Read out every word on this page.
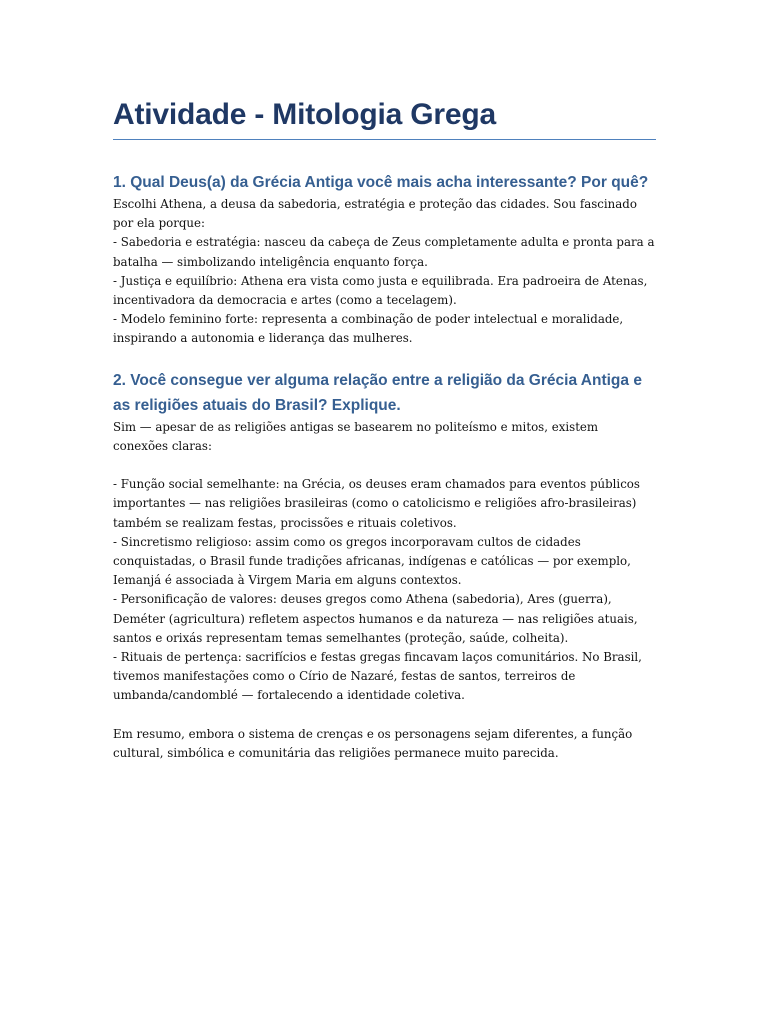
Atividade - Mitologia Grega
1. Qual Deus(a) da Grécia Antiga você mais acha interessante? Por quê?

Escolhi Athena, a deusa da sabedoria, estratégia e proteção das cidades. Sou fascinado por ela porque:

- Sabedoria e estratégia: nasceu da cabeça de Zeus completamente adulta e pronta para a batalha — simbolizando inteligência enquanto força.

- Justiça e equilíbrio: Athena era vista como justa e equilibrada. Era padroeira de Atenas, incentivadora da democracia e artes (como a tecelagem).

- Modelo feminino forte: representa a combinação de poder intelectual e moralidade, inspirando a autonomia e liderança das mulheres.

2. Você consegue ver alguma relação entre a religião da Grécia Antiga e as religiões atuais do Brasil? Explique.

Sim — apesar de as religiões antigas se basearem no politeísmo e mitos, existem conexões claras:

- Função social semelhante: na Grécia, os deuses eram chamados para eventos públicos importantes — nas religiões brasileiras (como o catolicismo e religiões afro-brasileiras) também se realizam festas, procissões e rituais coletivos.

- Sincretismo religioso: assim como os gregos incorporavam cultos de cidades conquistadas, o Brasil funde tradições africanas, indígenas e católicas — por exemplo, Iemanjá é associada à Virgem Maria em alguns contextos.

- Personificação de valores: deuses gregos como Athena (sabedoria), Ares (guerra), Deméter (agricultura) refletem aspectos humanos e da natureza — nas religiões atuais, santos e orixás representam temas semelhantes (proteção, saúde, colheita).

- Rituais de pertença: sacrifícios e festas gregas fincavam laços comunitários. No Brasil, tivemos manifestações como o Círio de Nazaré, festas de santos, terreiros de umbanda/candomblé — fortalecendo a identidade coletiva.

Em resumo, embora o sistema de crenças e os personagens sejam diferentes, a função cultural, simbólica e comunitária das religiões permanece muito parecida.
